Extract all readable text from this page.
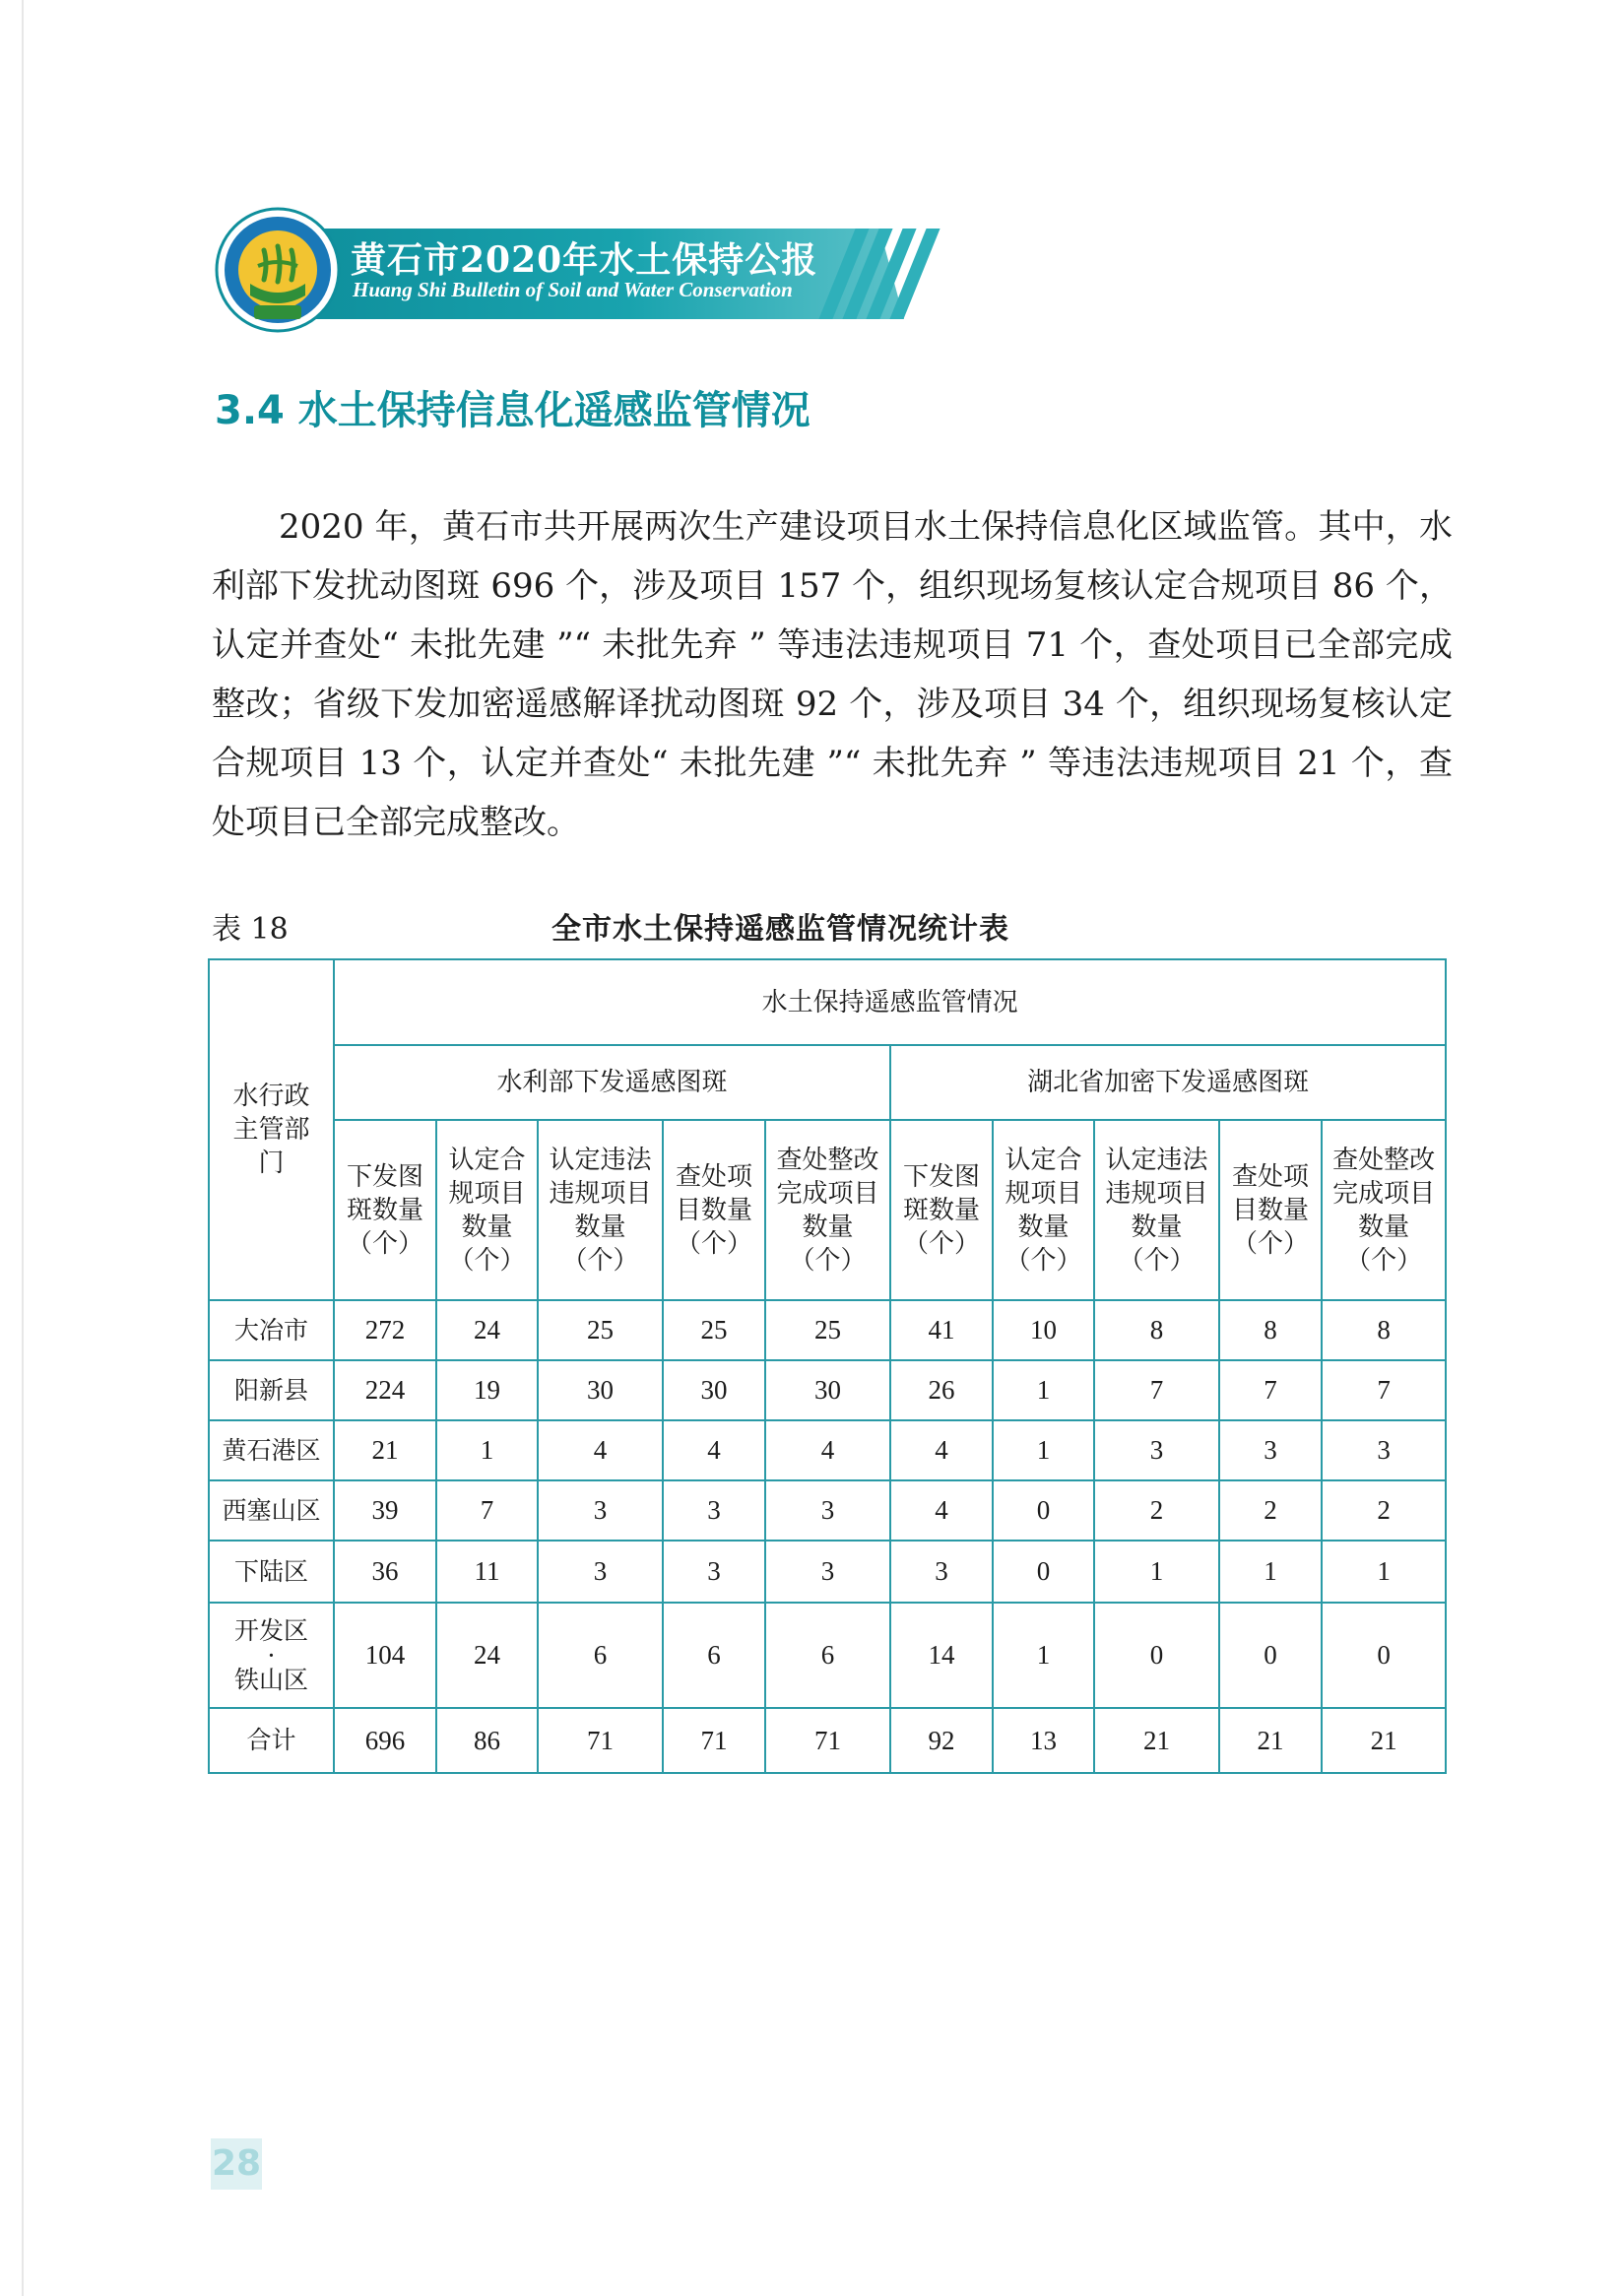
黄石市2020年水土保持公报
Huang Shi Bulletin of Soil and Water Conservation
3.4 水土保持信息化遥感监管情况
2020 年，黄石市共开展两次生产建设项目水土保持信息化区域监管。其中，水利部下发扰动图斑 696 个，涉及项目 157 个，组织现场复核认定合规项目 86 个，认定并查处“ 未批先建 ”“ 未批先弃 ” 等违法违规项目 71 个，查处项目已全部完成整改；省级下发加密遥感解译扰动图斑 92 个，涉及项目 34 个，组织现场复核认定合规项目 13 个，认定并查处“ 未批先建 ”“ 未批先弃 ” 等违法违规项目 21 个，查处项目已全部完成整改。
表 18	全市水土保持遥感监管情况统计表
水行政主管部门	水土保持遥感监管情况									
	水利部下发遥感图斑					湖北省加密下发遥感图斑				
	下发图斑数量（个）	认定合规项目数量（个）	认定违法违规项目数量（个）	查处项目数量（个）	查处整改完成项目数量（个）	下发图斑数量（个）	认定合规项目数量（个）	认定违法违规项目数量（个）	查处项目数量（个）	查处整改完成项目数量（个）
大冶市	272	24	25	25	25	41	10	8	8	8
阳新县	224	19	30	30	30	26	1	7	7	7
黄石港区	21	1	4	4	4	4	1	3	3	3
西塞山区	39	7	3	3	3	4	0	2	2	2
下陆区	36	11	3	3	3	3	0	1	1	1

开发区
·
铁山区	104	24	6	6	6	14	1	0	0	0
合计	696	86	71	71	71	92	13	21	21	21
28
